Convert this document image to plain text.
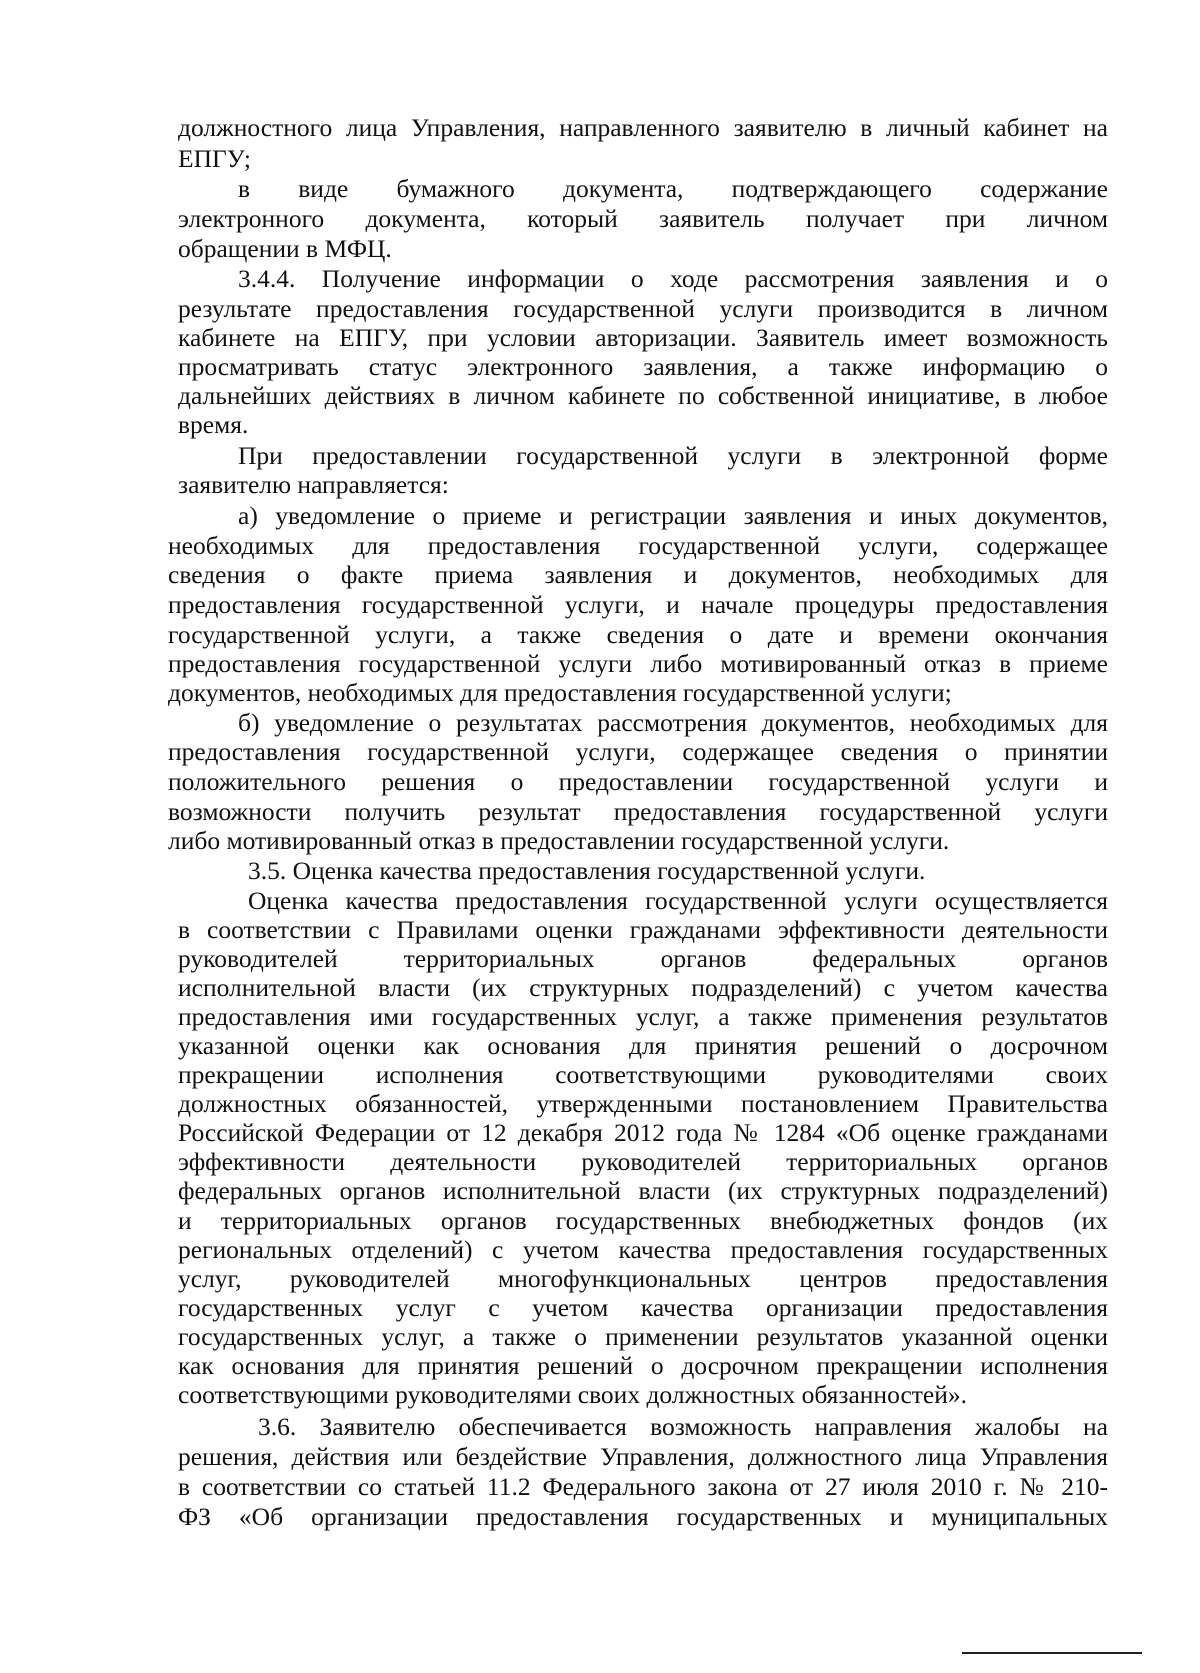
должностного лица Управления, направленного заявителю в личный кабинет на
ЕПГУ;
в виде бумажного документа, подтверждающего содержание
электронного документа, который заявитель получает при личном
обращении в МФЦ.
3.4.4. Получение информации о ходе рассмотрения заявления и о
результате предоставления государственной услуги производится в личном
кабинете на ЕПГУ, при условии авторизации. Заявитель имеет возможность
просматривать статус электронного заявления, а также информацию о
дальнейших действиях в личном кабинете по собственной инициативе, в любое
время.
При предоставлении государственной услуги в электронной форме
заявителю направляется:
а) уведомление о приеме и регистрации заявления и иных документов,
необходимых для предоставления государственной услуги, содержащее
сведения о факте приема заявления и документов, необходимых для
предоставления государственной услуги, и начале процедуры предоставления
государственной услуги, а также сведения о дате и времени окончания
предоставления государственной услуги либо мотивированный отказ в приеме
документов, необходимых для предоставления государственной услуги;
б) уведомление о результатах рассмотрения документов, необходимых для
предоставления государственной услуги, содержащее сведения о принятии
положительного решения о предоставлении государственной услуги и
возможности получить результат предоставления государственной услуги
либо мотивированный отказ в предоставлении государственной услуги.
3.5. Оценка качества предоставления государственной услуги.
Оценка качества предоставления государственной услуги осуществляется
в соответствии с Правилами оценки гражданами эффективности деятельности
руководителей территориальных органов федеральных органов
исполнительной власти (их структурных подразделений) с учетом качества
предоставления ими государственных услуг, а также применения результатов
указанной оценки как основания для принятия решений о досрочном
прекращении исполнения соответствующими руководителями своих
должностных обязанностей, утвержденными постановлением Правительства
Российской Федерации от 12 декабря 2012 года № 1284 «Об оценке гражданами
эффективности деятельности руководителей территориальных органов
федеральных органов исполнительной власти (их структурных подразделений)
и территориальных органов государственных внебюджетных фондов (их
региональных отделений) с учетом качества предоставления государственных
услуг, руководителей многофункциональных центров предоставления
государственных услуг с учетом качества организации предоставления
государственных услуг, а также о применении результатов указанной оценки
как основания для принятия решений о досрочном прекращении исполнения
соответствующими руководителями своих должностных обязанностей».
3.6. Заявителю обеспечивается возможность направления жалобы на
решения, действия или бездействие Управления, должностного лица Управления
в соответствии со статьей 11.2 Федерального закона от 27 июля 2010 г. № 210-
ФЗ «Об организации предоставления государственных и муниципальных
